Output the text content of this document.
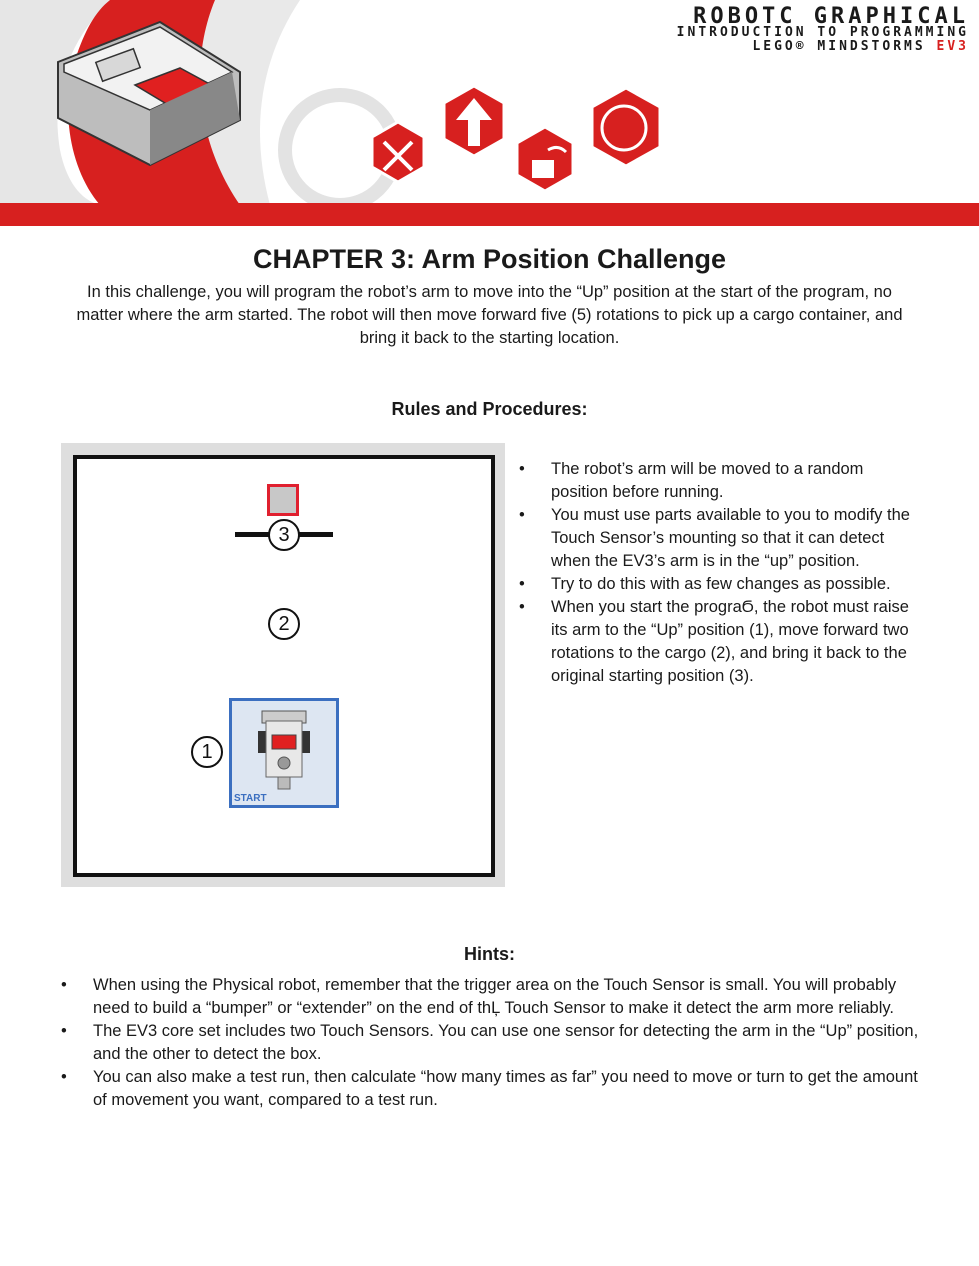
ROBOTC GRAPHICAL
INTRODUCTION TO PROGRAMMING
LEGO® MINDSTORMS EV3
CHAPTER 3: Arm Position Challenge
In this challenge, you will program the robot’s arm to move into the “Up” position at the start of the program, no matter where the arm started. The robot will then move forward five (5) rotations to pick up a cargo container, and bring it back to the starting location.
Rules and Procedures:
3
2
1
START
• The robot’s arm will be moved to a random position before running.
• You must use parts available to you to modify the Touch Sensor’s mounting so that it can detect when the EV3’s arm is in the “up” position.
• Try to do this with as few changes as possible.
• When you start the prograϬ, the robot must raise its arm to the “Up” position (1), move forward two rotations to the cargo (2), and bring it back to the original starting position (3).
Hints:
• When using the Physical robot, remember that the trigger area on the Touch Sensor is small. You will probably need to build a “bumper” or “extender” on the end of thĻ Touch Sensor to make it detect the arm more reliably.
• The EV3 core set includes two Touch Sensors. You can use one sensor for detecting the arm in the “Up” position, and the other to detect the box.
• You can also make a test run, then calculate “how many times as far” you need to move or turn to get the amount of movement you want, compared to a test run.
